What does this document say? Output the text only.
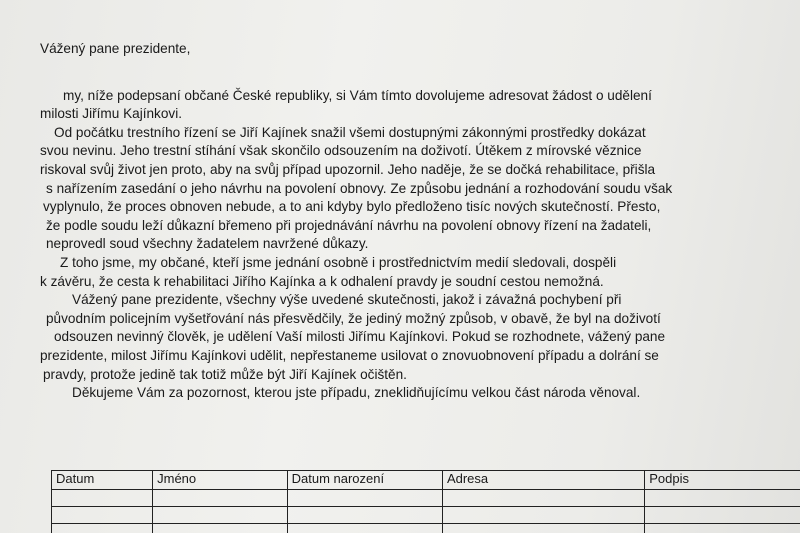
Vážený pane prezidente,
my, níže podepsaní občané České republiky, si Vám tímto dovolujeme adresovat žádost o udělení
milosti Jiřímu Kajínkovi.
Od počátku trestního řízení se Jiří Kajínek snažil všemi dostupnými zákonnými prostředky dokázat
svou nevinu. Jeho trestní stíhání však skončilo odsouzením na doživotí. Útěkem z mírovské věznice
riskoval svůj život jen proto, aby na svůj případ upozornil. Jeho naděje, že se dočká rehabilitace, přišla
s nařízením zasedání o jeho návrhu na povolení obnovy. Ze způsobu jednání a rozhodování soudu však
vyplynulo, že proces obnoven nebude, a to ani kdyby bylo předloženo tisíc nových skutečností. Přesto,
že podle soudu leží důkazní břemeno při projednávání návrhu na povolení obnovy řízení na žadateli,
neprovedl soud všechny žadatelem navržené důkazy.
Z toho jsme, my občané, kteří jsme jednání osobně i prostřednictvím medií sledovali, dospěli
k závěru, že cesta k rehabilitaci Jiřího Kajínka a k odhalení pravdy je soudní cestou nemožná.
Vážený pane prezidente, všechny výše uvedené skutečnosti, jakož i závažná pochybení při
původním policejním vyšetřování nás přesvědčily, že jediný možný způsob, v obavě, že byl na doživotí
odsouzen nevinný člověk, je udělení Vaší milosti Jiřímu Kajínkovi. Pokud se rozhodnete, vážený pane
prezidente, milost Jiřímu Kajínkovi udělit, nepřestaneme usilovat o znovuobnovení případu a dolrání se
pravdy, protože jedině tak totiž může být Jiří Kajínek očištěn.
Děkujeme Vám za pozornost, kterou jste případu, zneklidňujícímu velkou část národa věnoval.
Datum	Jméno	Datum narození	Adresa	Podpis
